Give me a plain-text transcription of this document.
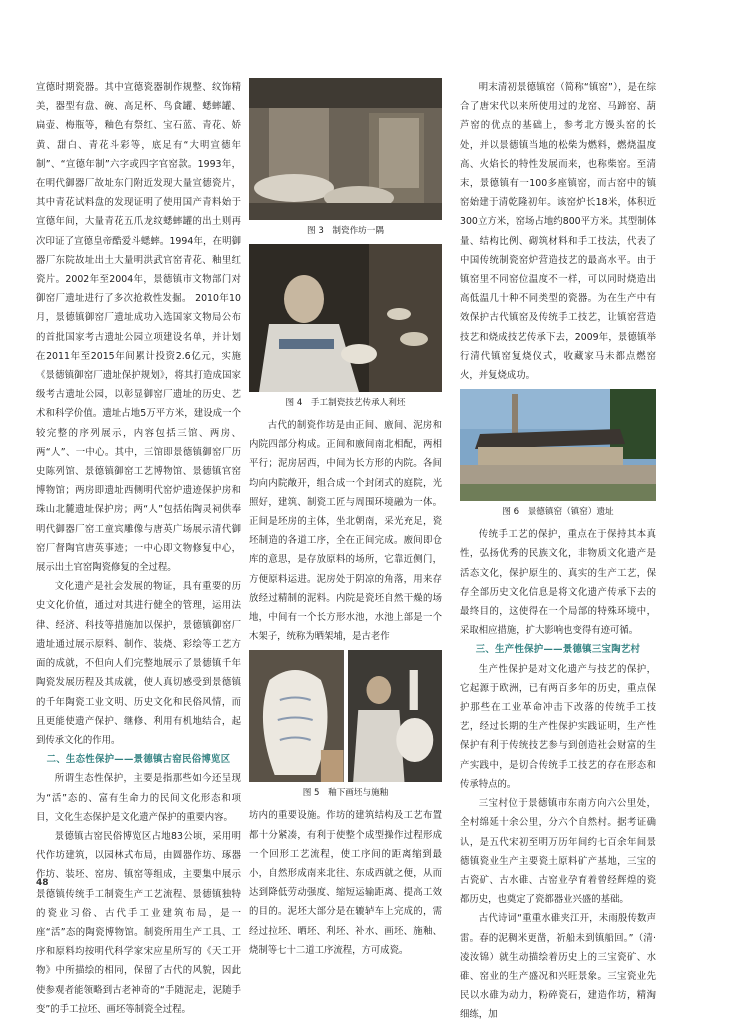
宣德时期瓷器。其中宣德瓷器制作规整、纹饰精美，器型有盘、碗、高足杯、鸟食罐、蟋蟀罐、扁壶、梅瓶等，釉色有祭红、宝石蓝、青花、娇黄、甜白、青花斗彩等，底足有“大明宣德年制”、“宣德年制”六字或四字官窑款。1993年，在明代御器厂故址东门附近发现大量宣德瓷片，其中青花试料盘的发现证明了使用国产青料始于宣德年间，大量青花五爪龙纹蟋蟀罐的出土则再次印证了宣德皇帝酷爱斗蟋蟀。1994年，在明御器厂东院故址出土大量明洪武官窑青花、釉里红瓷片。2002年至2004年，景德镇市文物部门对御窑厂遗址进行了多次抢救性发掘。 2010年10月，景德镇御窑厂遗址成功入选国家文物局公布的首批国家考古遗址公园立项建设名单，并计划在2011年至2015年间累计投资2.6亿元，实施《景德镇御窑厂遗址保护规划》，将其打造成国家级考古遗址公园，以彰显御窑厂遗址的历史、艺术和科学价值。遗址占地5万平方米，建设成一个较完整的序列展示，内容包括三馆、两房、两“人”、一中心。其中，三馆即景德镇御窑厂历史陈列馆、景德镇御窑工艺博物馆、景德镇官窑博物馆；两房即遗址西侧明代窑炉遗迹保护房和珠山北麓遗址保护房；两“人”包括佑陶灵祠供奉明代御器厂窑工童宾雕像与唐英广场展示清代御窑厂督陶官唐英事迹；一中心即文物修复中心，展示出土官窑陶瓷修复的全过程。

文化遗产是社会发展的物证，具有重要的历史文化价值，通过对其进行健全的管理，运用法律、经济、科技等措施加以保护，景德镇御窑厂遗址通过展示原料、制作、装烧、彩绘等工艺方面的成就，不但向人们完整地展示了景德镇千年陶瓷发展历程及其成就，使人真切感受到景德镇的千年陶瓷工业文明、历史文化和民俗风情，而且更能使遗产保护、继修、利用有机地结合，起到传承文化的作用。

二、生态性保护——景德镇古窑民俗博览区

所谓生态性保护，主要是指那些如今还呈现为“活”态的、富有生命力的民间文化形态和项目，文化生态保护是文化遗产保护的重要内容。

景德镇古窑民俗博览区占地83公顷，采用明代作坊建筑，以园林式布局，由圆器作坊、琢器作坊、装坯、窑房、镇窑等组成，主要集中展示景德镇传统手工制瓷生产工艺流程、景德镇独特的瓷业习俗、古代手工业建筑布局，是一座“活”态的陶瓷博物馆。制瓷所用生产工具、工序和原料均按明代科学家宋应星所写的《天工开物》中所描绘的相同，保留了古代的风貌，因此使参观者能领略到古老神奇的“手随泥走，泥随手变”的手工拉坯、画坯等制瓷全过程。

图 3　制瓷作坊一隅
图 4　手工制瓷技艺传承人利坯

古代的制瓷作坊是由正间、廒间、泥房和内院四部分构成。正间和廒间南北相配，两相平行；泥房居西，中间为长方形的内院。各间均向内院敞开，组合成一个封闭式的庭院，光照好，建筑、制瓷工匠与周围环境融为一体。正间是坯房的主体，坐北朝南，采光充足，瓷坯制造的各道工序，全在正间完成。廒间即仓库的意思，是存放原料的场所，它靠近侧门，方便原料运进。泥房处于阴凉的角落，用来存放经过精制的泥料。内院是瓷坯自然干燥的场地，中间有一个长方形水池，水池上部是一个木架子，统称为晒架埔，是古老作

图 5　釉下画坯与施釉

坊内的重要设施。作坊的建筑结构及工艺布置都十分紧凑，有利于使整个成型操作过程形成一个回形工艺流程，使工序间的距离缩到最小，自然形成南来北往、东成西就之便，从而达到降低劳动强度、缩短运输距离、提高工效的目的。泥坯大部分是在辘轳车上完成的，需经过拉坯、晒坯、利坯、补水、画坯、施釉、烧制等七十二道工序流程，方可成瓷。

明末清初景德镇窑（简称“镇窑”），是在综合了唐宋代以来所使用过的龙窑、马蹄窑、葫芦窑的优点的基础上，参考北方馒头窑的长处，并以景德镇当地的松柴为燃料，燃烧温度高、火焰长的特性发展而来，也称柴窑。至清末，景德镇有一100多座镇窑，而古窑中的镇窑始建于清乾隆初年。该窑炉长18米，体积近300立方米，窑场占地约800平方米。其型制体量、结构比例、砌筑材料和手工技法，代表了中国传统制瓷窑炉营造技艺的最高水平。由于镇窑里不同窑位温度不一样，可以同时烧造出高低温几十种不同类型的瓷器。为在生产中有效保护古代镇窑及传统手工技艺，让镇窑营造技艺和烧成技艺传承下去，2009年，景德镇举行清代镇窑复烧仪式，收藏家马未都点燃窑火，并复烧成功。

图 6　景德镇窑（镇窑）遗址

传统手工艺的保护，重点在于保持其本真性，弘扬优秀的民族文化，非物质文化遗产是活态文化，保护原生的、真实的生产工艺，保存全部历史文化信息是将文化遗产传承下去的最终目的，这使得在一个局部的特殊环境中，采取相应措施，扩大影响也变得有迹可循。

三、生产性保护——景德镇三宝陶艺村

生产性保护是对文化遗产与技艺的保护，它起源于欧洲，已有两百多年的历史，重点保护那些在工业革命冲击下改落的传统手工技艺，经过长期的生产性保护实践证明，生产性保护有利于传统技艺参与到创造社会财富的生产实践中，是切合传统手工技艺的存在形态和传承特点的。

三宝村位于景德镇市东南方向六公里处，全村绵延十余公里，分六个自然村。据考证确认，是五代宋初至明万历年间约七百余年间景德镇瓷业生产主要瓷土原料矿产基地，三宝的古瓷矿、古水碓、古窑业孕育着曾经辉煌的瓷都历史，也奠定了瓷都器业兴盛的基础。

古代诗词“重重水碓夹江开，未雨殷传数声雷。春的泥稠米更凿，祈船未到镇船回。”（清·凌汝锦）就生动描绘着历史上的三宝瓷矿、水碓、窑业的生产盛况和兴旺景象。三宝瓷业先民以水碓为动力，粉碎瓷石，建造作坊，精淘细练，加

48
